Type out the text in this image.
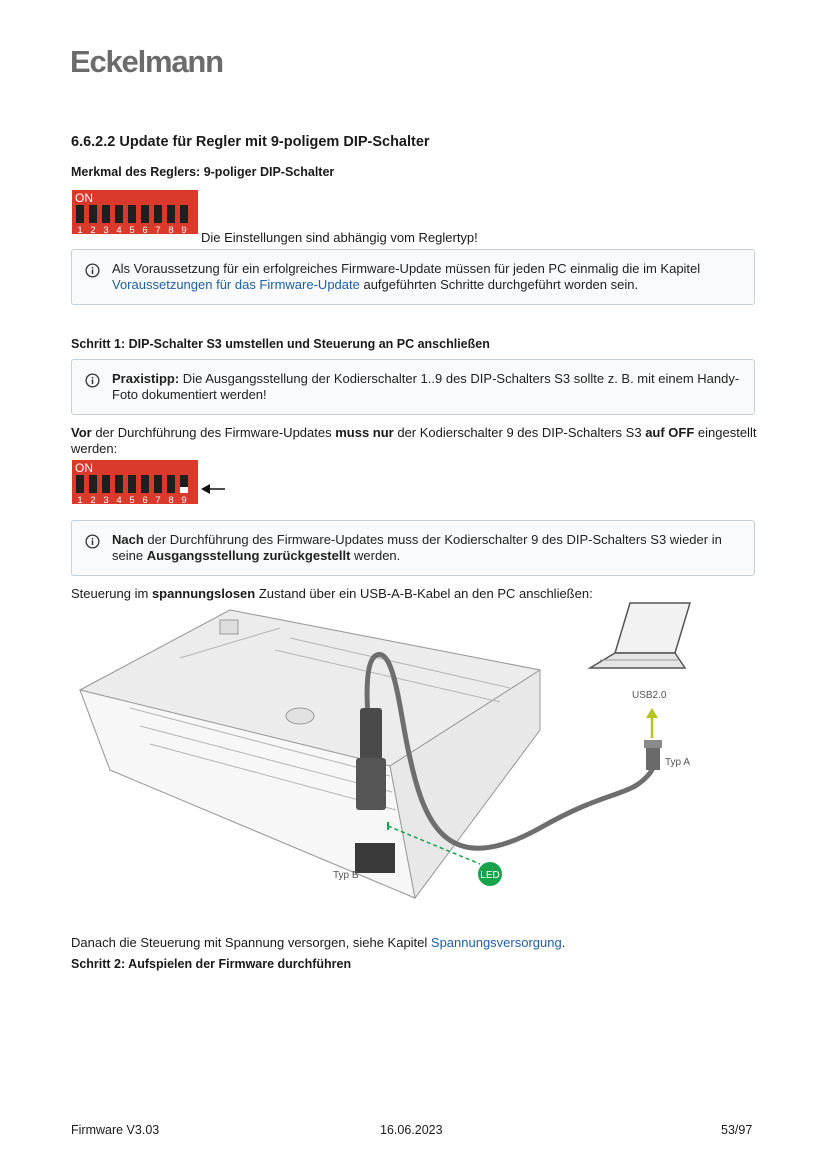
Eckelmann
6.6.2.2 Update für Regler mit 9-poligem DIP-Schalter
Merkmal des Reglers: 9-poliger DIP-Schalter
ON
1 2 3 4 5 6 7 8 9 Die Einstellungen sind abhängig vom Reglertyp!
Als Voraussetzung für ein erfolgreiches Firmware-Update müssen für jeden PC einmalig die im Kapitel Voraussetzungen für das Firmware-Update aufgeführten Schritte durchgeführt worden sein.
Schritt 1: DIP-Schalter S3 umstellen und Steuerung an PC anschließen
Praxistipp: Die Ausgangsstellung der Kodierschalter 1..9 des DIP-Schalters S3 sollte z. B. mit einem Handy-Foto dokumentiert werden!
Vor der Durchführung des Firmware-Updates muss nur der Kodierschalter 9 des DIP-Schalters S3 auf OFF eingestellt werden:
ON
1 2 3 4 5 6 7 8 9
Nach der Durchführung des Firmware-Updates muss der Kodierschalter 9 des DIP-Schalters S3 wieder in seine Ausgangsstellung zurückgestellt werden.
Steuerung im spannungslosen Zustand über ein USB-A-B-Kabel an den PC anschließen:
LED
USB2.0
Typ A
Typ B
Danach die Steuerung mit Spannung versorgen, siehe Kapitel Spannungsversorgung.
Schritt 2: Aufspielen der Firmware durchführen
Firmware V3.03	16.06.2023	53/97
